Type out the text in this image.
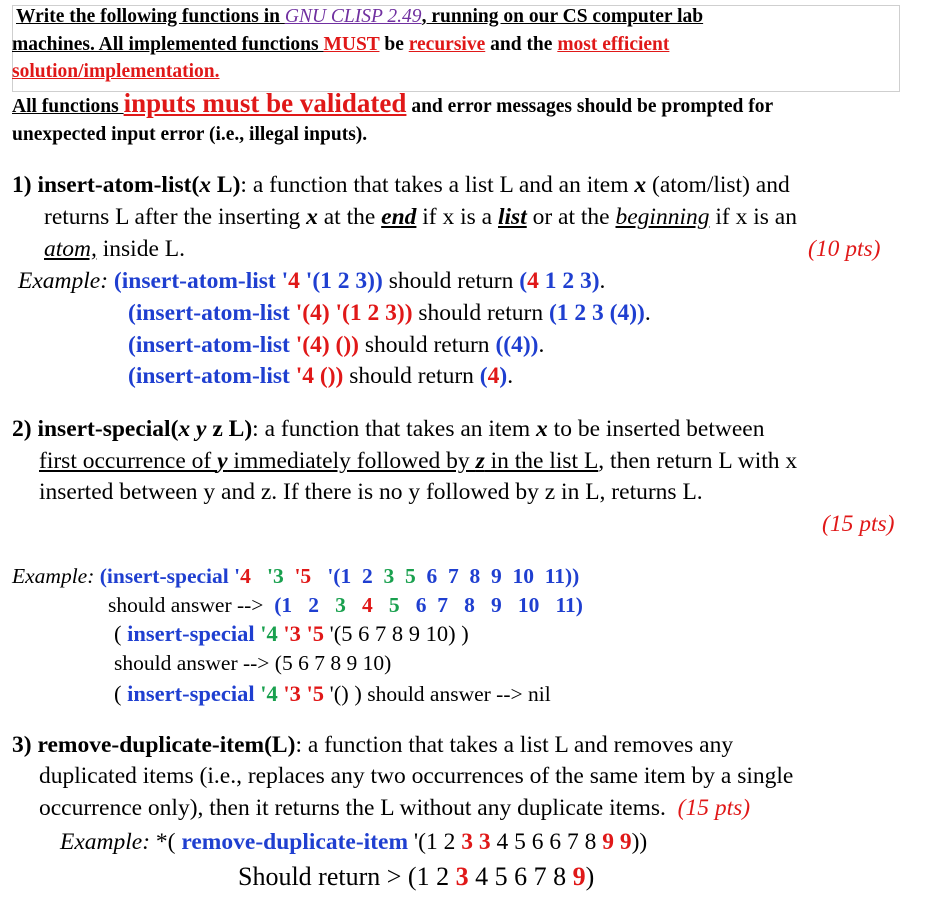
Write the following functions in GNU CLISP 2.49, running on our CS computer lab
machines. All implemented functions MUST be recursive and the most efficient
solution/implementation.
All functions inputs must be validated and error messages should be prompted for
unexpected input error (i.e., illegal inputs).
1) insert-atom-list(x L): a function that takes a list L and an item x (atom/list) and
returns L after the inserting x at the end if x is a list or at the beginning if x is an
atom, inside L.	(10 pts)
Example: (insert-atom-list '4 '(1 2 3)) should return (4 1 2 3).
(insert-atom-list '(4) '(1 2 3)) should return (1 2 3 (4)).
(insert-atom-list '(4) ()) should return ((4)).
(insert-atom-list '4 ()) should return (4).
2) insert-special(x y z L): a function that takes an item x to be inserted between
first occurrence of y immediately followed by z in the list L, then return L with x
inserted between y and z. If there is no y followed by z in L, returns L.
(15 pts)
Example: (insert-special '4 '3 '5 '(1 2 3 5 6 7 8 9 10 11))
should answer --> (1 2 3 4 5 6 7 8 9 10 11)
( insert-special '4 '3 '5 '(5 6 7 8 9 10) )
should answer --> (5 6 7 8 9 10)
( insert-special '4 '3 '5 '() ) should answer --> nil
3) remove-duplicate-item(L): a function that takes a list L and removes any
duplicated items (i.e., replaces any two occurrences of the same item by a single
occurrence only), then it returns the L without any duplicate items. (15 pts)
Example: *( remove-duplicate-item '(1 2 3 3 4 5 6 6 7 8 9 9))
Should return > (1 2 3 4 5 6 7 8 9)
